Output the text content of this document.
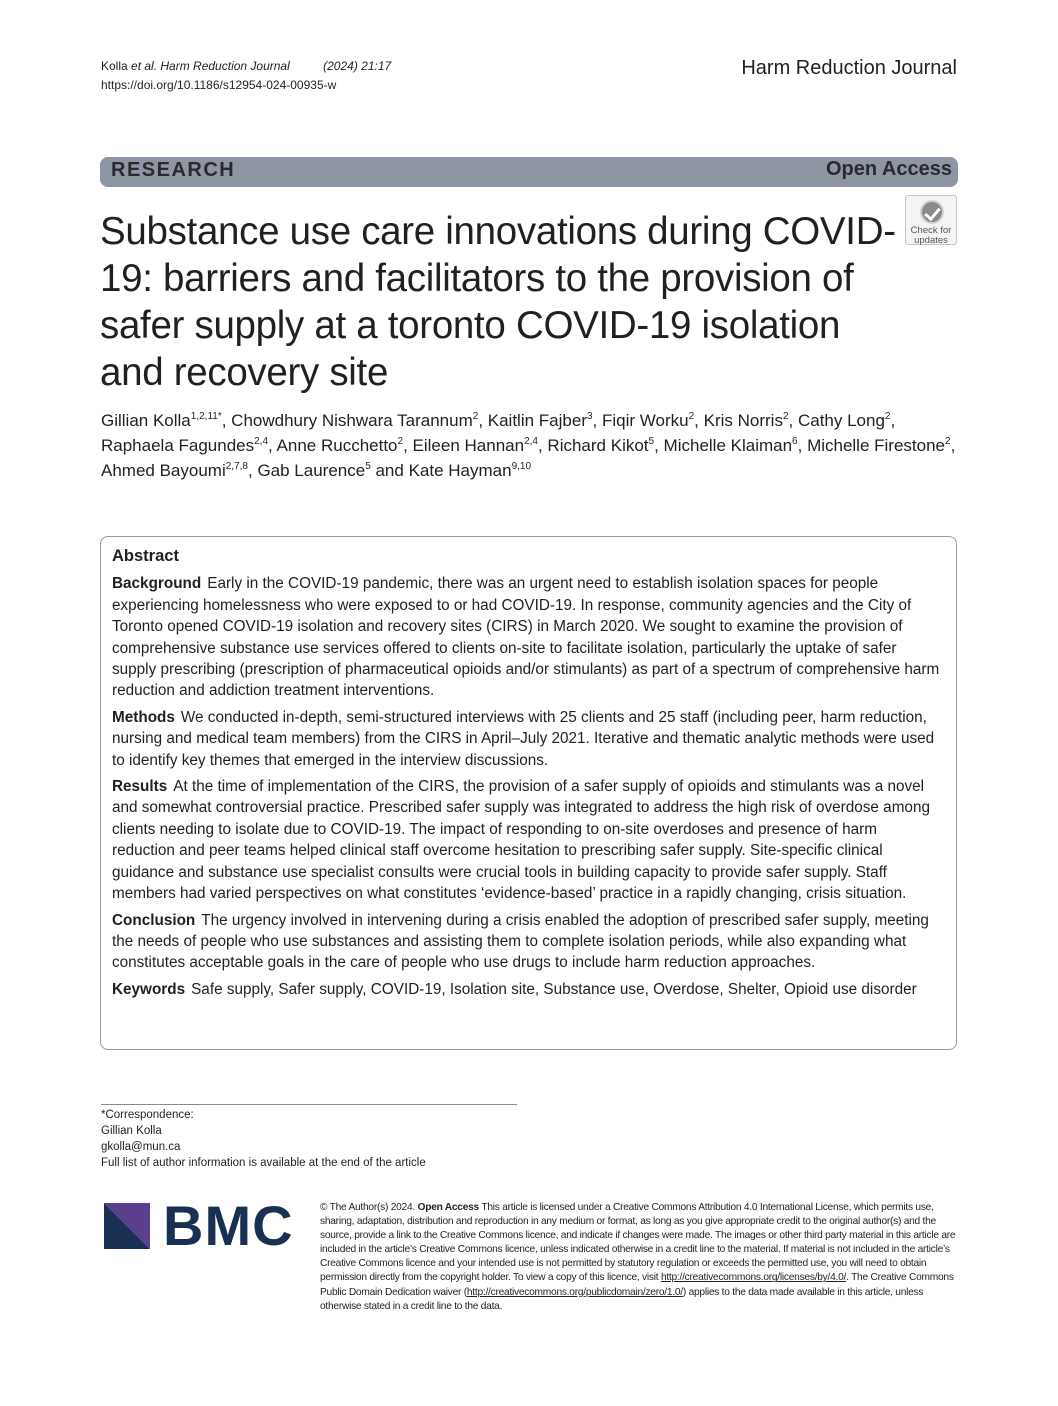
Kolla et al. Harm Reduction Journal	(2024) 21:17
https://doi.org/10.1186/s12954-024-00935-w
Harm Reduction Journal
RESEARCH	Open Access
Substance use care innovations during COVID-19: barriers and facilitators to the provision of safer supply at a toronto COVID-19 isolation and recovery site
Check for
updates
Gillian Kolla$^{1,2,11*}$, Chowdhury Nishwara Tarannum$^2$, Kaitlin Fajber$^3$, Fiqir Worku$^2$, Kris Norris$^2$, Cathy Long$^2$, Raphaela Fagundes$^{2,4}$, Anne Rucchetto$^2$, Eileen Hannan$^{2,4}$, Richard Kikot$^5$, Michelle Klaiman$^6$, Michelle Firestone$^2$, Ahmed Bayoumi$^{2,7,8}$, Gab Laurence$^5$ and Kate Hayman$^{9,10}$
Abstract
Background Early in the COVID-19 pandemic, there was an urgent need to establish isolation spaces for people experiencing homelessness who were exposed to or had COVID-19. In response, community agencies and the City of Toronto opened COVID-19 isolation and recovery sites (CIRS) in March 2020. We sought to examine the provision of comprehensive substance use services offered to clients on-site to facilitate isolation, particularly the uptake of safer supply prescribing (prescription of pharmaceutical opioids and/or stimulants) as part of a spectrum of comprehensive harm reduction and addiction treatment interventions.
Methods We conducted in-depth, semi-structured interviews with 25 clients and 25 staff (including peer, harm reduction, nursing and medical team members) from the CIRS in April–July 2021. Iterative and thematic analytic methods were used to identify key themes that emerged in the interview discussions.
Results At the time of implementation of the CIRS, the provision of a safer supply of opioids and stimulants was a novel and somewhat controversial practice. Prescribed safer supply was integrated to address the high risk of overdose among clients needing to isolate due to COVID-19. The impact of responding to on-site overdoses and presence of harm reduction and peer teams helped clinical staff overcome hesitation to prescribing safer supply. Site-specific clinical guidance and substance use specialist consults were crucial tools in building capacity to provide safer supply. Staff members had varied perspectives on what constitutes ‘evidence-based’ practice in a rapidly changing, crisis situation.
Conclusion The urgency involved in intervening during a crisis enabled the adoption of prescribed safer supply, meeting the needs of people who use substances and assisting them to complete isolation periods, while also expanding what constitutes acceptable goals in the care of people who use drugs to include harm reduction approaches.
Keywords Safe supply, Safer supply, COVID-19, Isolation site, Substance use, Overdose, Shelter, Opioid use disorder
*Correspondence:
Gillian Kolla
gkolla@mun.ca
Full list of author information is available at the end of the article
BMC	© The Author(s) 2024. Open Access This article is licensed under a Creative Commons Attribution 4.0 International License, which permits use, sharing, adaptation, distribution and reproduction in any medium or format, as long as you give appropriate credit to the original author(s) and the source, provide a link to the Creative Commons licence, and indicate if changes were made. The images or other third party material in this article are included in the article’s Creative Commons licence, unless indicated otherwise in a credit line to the material. If material is not included in the article’s Creative Commons licence and your intended use is not permitted by statutory regulation or exceeds the permitted use, you will need to obtain permission directly from the copyright holder. To view a copy of this licence, visit http://creativecommons.org/licenses/by/4.0/. The Creative Commons Public Domain Dedication waiver (http://creativecommons.org/publicdomain/zero/1.0/) applies to the data made available in this article, unless otherwise stated in a credit line to the data.
